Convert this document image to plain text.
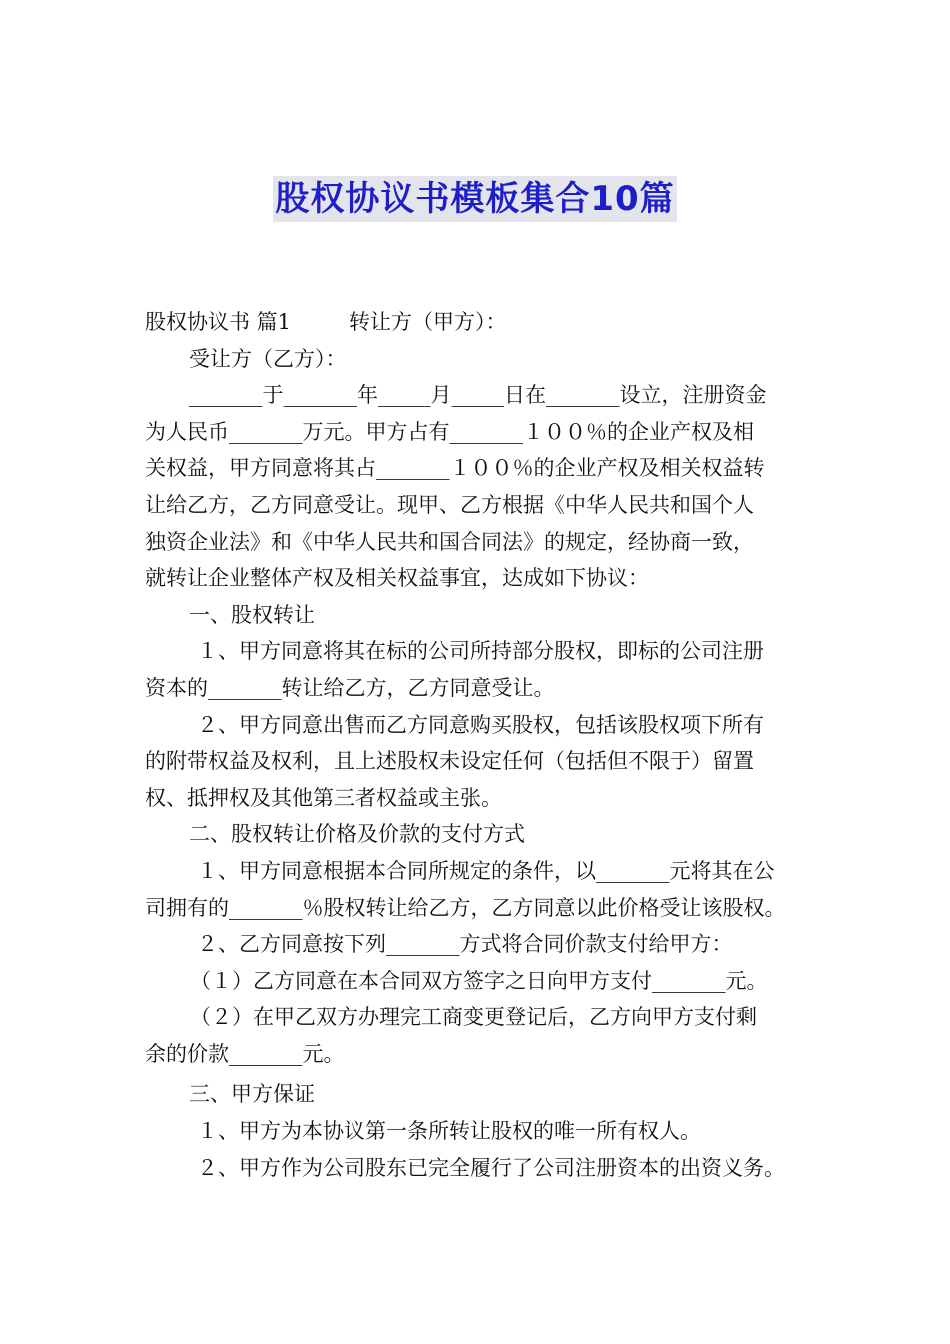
股权协议书模板集合10篇
股权协议书 篇1	转让方（甲方）：
受让方（乙方）：
_______于_______年_____月_____日在_______设立，注册资金
为人民币_______万元。甲方占有_______１００％的企业产权及相
关权益，甲方同意将其占_______１００％的企业产权及相关权益转
让给乙方，乙方同意受让。现甲、乙方根据《中华人民共和国个人
独资企业法》和《中华人民共和国合同法》的规定，经协商一致，
就转让企业整体产权及相关权益事宜，达成如下协议：
一、股权转让
１、甲方同意将其在标的公司所持部分股权，即标的公司注册
资本的_______转让给乙方，乙方同意受让。
２、甲方同意出售而乙方同意购买股权，包括该股权项下所有
的附带权益及权利，且上述股权未设定任何（包括但不限于）留置
权、抵押权及其他第三者权益或主张。
二、股权转让价格及价款的支付方式
１、甲方同意根据本合同所规定的条件，以_______元将其在公
司拥有的_______％股权转让给乙方，乙方同意以此价格受让该股权。
２、乙方同意按下列_______方式将合同价款支付给甲方：
（１）乙方同意在本合同双方签字之日向甲方支付_______元。
（２）在甲乙双方办理完工商变更登记后，乙方向甲方支付剩
余的价款_______元。
三、甲方保证
１、甲方为本协议第一条所转让股权的唯一所有权人。
２、甲方作为公司股东已完全履行了公司注册资本的出资义务。
